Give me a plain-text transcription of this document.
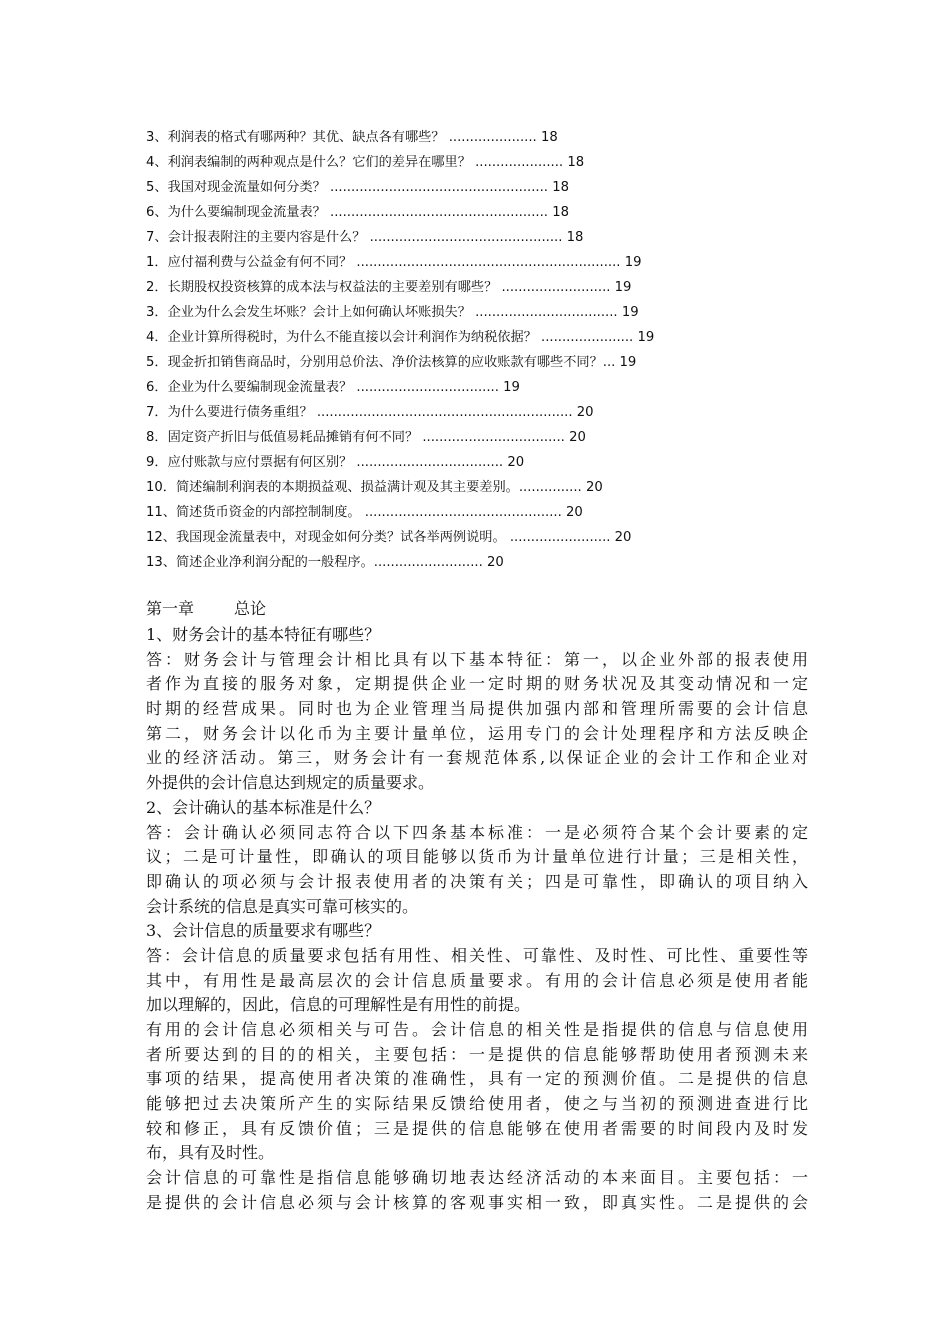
3、利润表的格式有哪两种？其优、缺点各有哪些？ ..................... 18
4、利润表编制的两种观点是什么？它们的差异在哪里？ ..................... 18
5、我国对现金流量如何分类？ .................................................... 18
6、为什么要编制现金流量表？ .................................................... 18
7、会计报表附注的主要内容是什么？ .............................................. 18
1．应付福利费与公益金有何不同？ ............................................................... 19
2．长期股权投资核算的成本法与权益法的主要差别有哪些？ .......................... 19
3．企业为什么会发生坏账？会计上如何确认坏账损失？ .................................. 19
4．企业计算所得税时，为什么不能直接以会计利润作为纳税依据？ ...................... 19
5．现金折扣销售商品时，分别用总价法、净价法核算的应收账款有哪些不同？... 19
6．企业为什么要编制现金流量表？ .................................. 19
7．为什么要进行债务重组？ ............................................................. 20
8．固定资产折旧与低值易耗品摊销有何不同？ .................................. 20
9．应付账款与应付票据有何区别？ ................................... 20
10．简述编制利润表的本期损益观、损益满计观及其主要差别。............... 20
11、简述货币资金的内部控制制度。 ............................................... 20
12、我国现金流量表中，对现金如何分类？试各举两例说明。 ........................ 20
13、简述企业净利润分配的一般程序。.......................... 20
第一章	总论
1、财务会计的基本特征有哪些？
答：财务会计与管理会计相比具有以下基本特征：第一，以企业外部的报表使用
者作为直接的服务对象，定期提供企业一定时期的财务状况及其变动情况和一定
时期的经营成果。同时也为企业管理当局提供加强内部和管理所需要的会计信息
第二，财务会计以化币为主要计量单位，运用专门的会计处理程序和方法反映企
业的经济活动。第三，财务会计有一套规范体系,以保证企业的会计工作和企业对
外提供的会计信息达到规定的质量要求。
2、会计确认的基本标准是什么？
答：会计确认必须同志符合以下四条基本标准：一是必须符合某个会计要素的定
议；二是可计量性，即确认的项目能够以货币为计量单位进行计量；三是相关性，
即确认的项必须与会计报表使用者的决策有关；四是可靠性，即确认的项目纳入
会计系统的信息是真实可靠可核实的。
3、会计信息的质量要求有哪些？
答：会计信息的质量要求包括有用性、相关性、可靠性、及时性、可比性、重要性等
其中，有用性是最高层次的会计信息质量要求。有用的会计信息必须是使用者能
加以理解的，因此，信息的可理解性是有用性的前提。
有用的会计信息必须相关与可告。会计信息的相关性是指提供的信息与信息使用
者所要达到的目的的相关，主要包括：一是提供的信息能够帮助使用者预测未来
事项的结果，提高使用者决策的准确性，具有一定的预测价值。二是提供的信息
能够把过去决策所产生的实际结果反馈给使用者，使之与当初的预测进查进行比
较和修正，具有反馈价值；三是提供的信息能够在使用者需要的时间段内及时发
布，具有及时性。
会计信息的可靠性是指信息能够确切地表达经济活动的本来面目。主要包括：一
是提供的会计信息必须与会计核算的客观事实相一致，即真实性。二是提供的会
